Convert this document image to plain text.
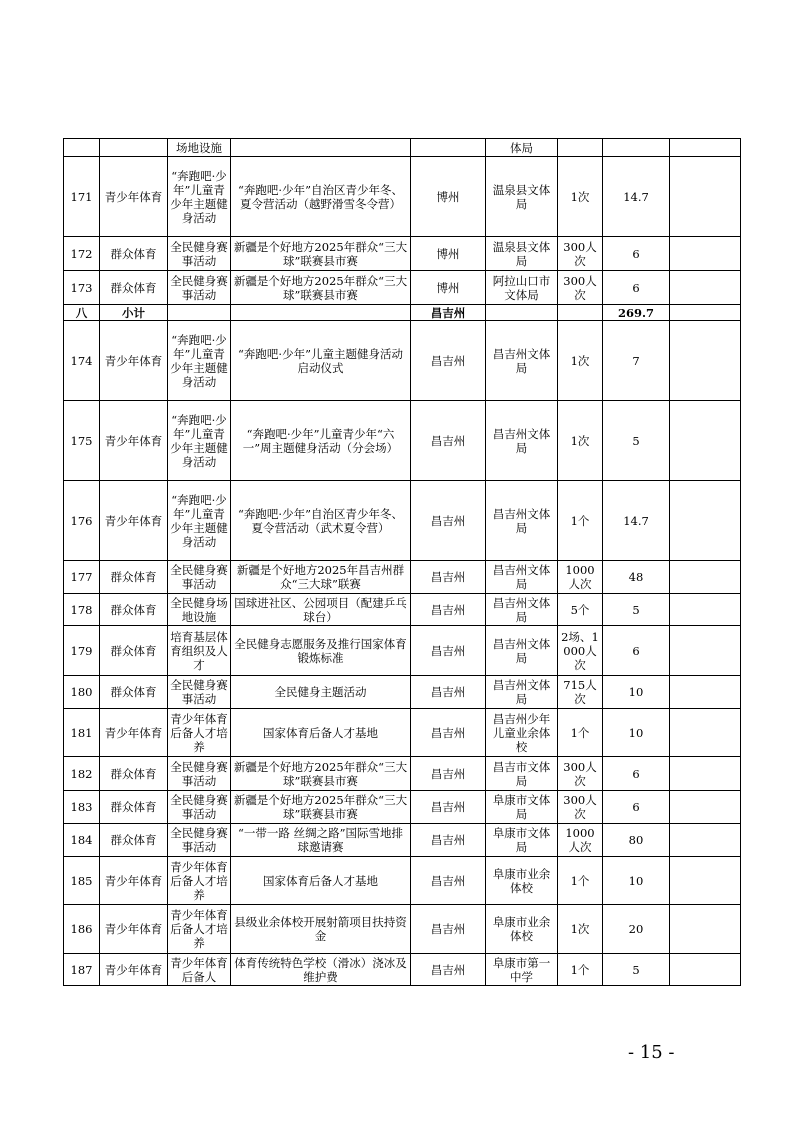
		场地设施			体局			
171	青少年体育	“奔跑吧·少年”儿童青少年主题健身活动	“奔跑吧·少年”自治区青少年冬、夏令营活动（越野滑雪冬令营）	博州	温泉县文体局	1次	14.7	
172	群众体育	全民健身赛事活动	新疆是个好地方2025年群众“三大球”联赛县市赛	博州	温泉县文体局	300人次	6	
173	群众体育	全民健身赛事活动	新疆是个好地方2025年群众“三大球”联赛县市赛	博州	阿拉山口市文体局	300人次	6	
八	小计			昌吉州			269.7	
174	青少年体育	“奔跑吧·少年”儿童青少年主题健身活动	“奔跑吧·少年”儿童主题健身活动启动仪式	昌吉州	昌吉州文体局	1次	7	
175	青少年体育	“奔跑吧·少年”儿童青少年主题健身活动	“奔跑吧·少年”儿童青少年“六一”周主题健身活动（分会场）	昌吉州	昌吉州文体局	1次	5	
176	青少年体育	“奔跑吧·少年”儿童青少年主题健身活动	“奔跑吧·少年”自治区青少年冬、夏令营活动（武术夏令营）	昌吉州	昌吉州文体局	1个	14.7	
177	群众体育	全民健身赛事活动	新疆是个好地方2025年昌吉州群众“三大球”联赛	昌吉州	昌吉州文体局	1000人次	48	
178	群众体育	全民健身场地设施	国球进社区、公园项目（配建乒乓球台）	昌吉州	昌吉州文体局	5个	5	
179	群众体育	培育基层体育组织及人才	全民健身志愿服务及推行国家体育锻炼标准	昌吉州	昌吉州文体局	2场、1000人次	6	
180	群众体育	全民健身赛事活动	全民健身主题活动	昌吉州	昌吉州文体局	715人次	10	
181	青少年体育	青少年体育后备人才培养	国家体育后备人才基地	昌吉州	昌吉州少年儿童业余体校	1个	10	
182	群众体育	全民健身赛事活动	新疆是个好地方2025年群众“三大球”联赛县市赛	昌吉州	昌吉市文体局	300人次	6	
183	群众体育	全民健身赛事活动	新疆是个好地方2025年群众“三大球”联赛县市赛	昌吉州	阜康市文体局	300人次	6	
184	群众体育	全民健身赛事活动	“一带一路 丝绸之路”国际雪地排球邀请赛	昌吉州	阜康市文体局	1000人次	80	
185	青少年体育	青少年体育后备人才培养	国家体育后备人才基地	昌吉州	阜康市业余体校	1个	10	
186	青少年体育	青少年体育后备人才培养	县级业余体校开展射箭项目扶持资金	昌吉州	阜康市业余体校	1次	20	
187	青少年体育	青少年体育后备人	体育传统特色学校（滑冰）浇冰及维护费	昌吉州	阜康市第一中学	1个	5	
- 15 -
